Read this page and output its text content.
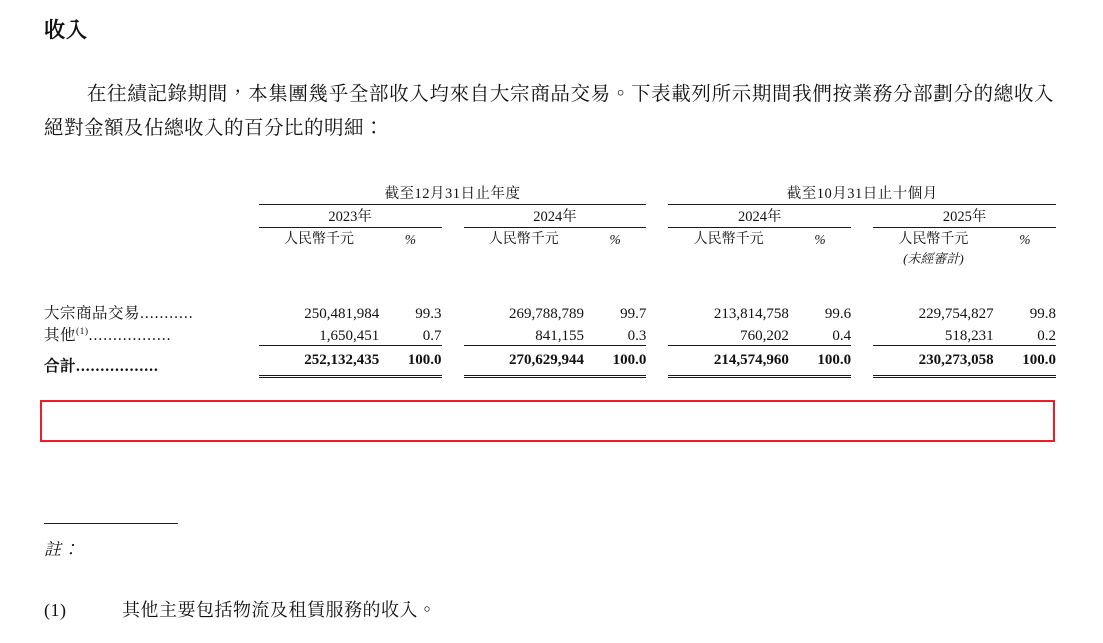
收入
在往績記錄期間，本集團幾乎全部收入均來自大宗商品交易。下表載列所示期間我們按業務分部劃分的總收入絕對金額及佔總收入的百分比的明細：
	截至12月31日止年度						截至10月31日止十個月				

	2023年			2024年			2024年			2025年	

	人民幣千元	%		人民幣千元	%		人民幣千元	%		人民幣千元	%
										(未經審計)	

大宗商品交易...........	250,481,984	99.3		269,788,789	99.7		213,814,758	99.6		229,754,827	99.8
其他$^{(1)}$.................	1,650,451	0.7		841,155	0.3		760,202	0.4		518,231	0.2
合計.................	252,132,435	100.0		270,629,944	100.0		214,574,960	100.0		230,273,058	100.0
註：
(1)	其他主要包括物流及租賃服務的收入。
